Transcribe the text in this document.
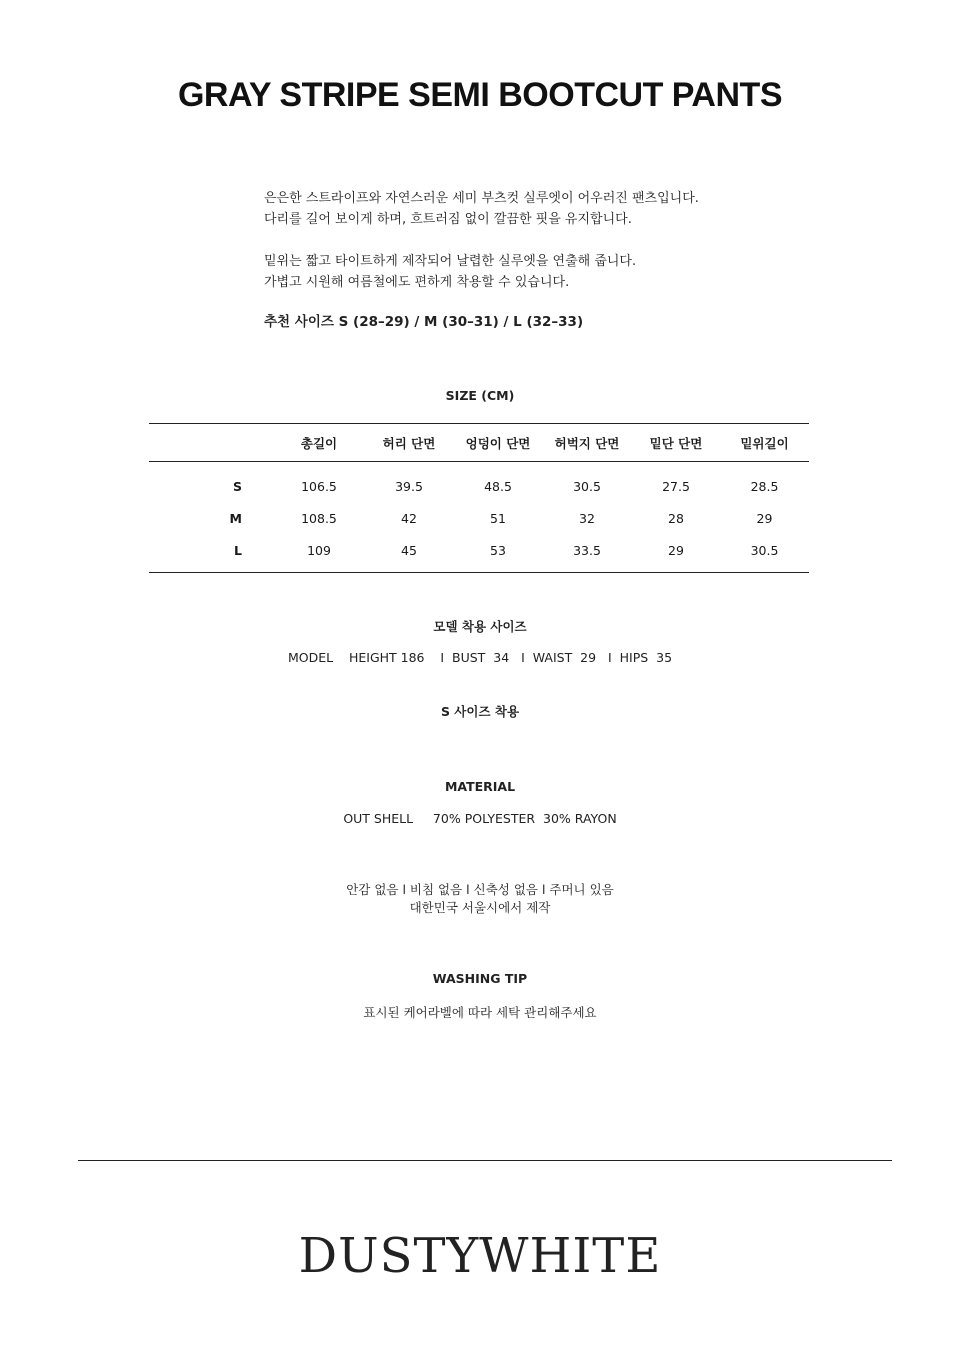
GRAY STRIPE SEMI BOOTCUT PANTS

은은한 스트라이프와 자연스러운 세미 부츠컷 실루엣이 어우러진 팬츠입니다.

다리를 길어 보이게 하며, 흐트러짐 없이 깔끔한 핏을 유지합니다.

밑위는 짧고 타이트하게 제작되어 날렵한 실루엣을 연출해 줍니다.

가볍고 시원해 여름철에도 편하게 착용할 수 있습니다.

추천 사이즈 S (28–29) / M (30–31) / L (32–33)

SIZE (CM)
	총길이	허리 단면	엉덩이 단면	허벅지 단면	밑단 단면	밑위길이
S	106.5	39.5	48.5	30.5	27.5	28.5
M	108.5	42	51	32	28	29
L	109	45	53	33.5	29	30.5
모델 착용 사이즈
MODEL    HEIGHT 186    I  BUST  34   I  WAIST  29   I  HIPS  35
S 사이즈 착용
MATERIAL
OUT SHELL     70% POLYESTER  30% RAYON
안감 없음 l 비침 없음 l 신축성 없음 l 주머니 있음
대한민국 서울시에서 제작
WASHING TIP
표시된 케어라벨에 따라 세탁 관리해주세요
DUSTYWHITE
